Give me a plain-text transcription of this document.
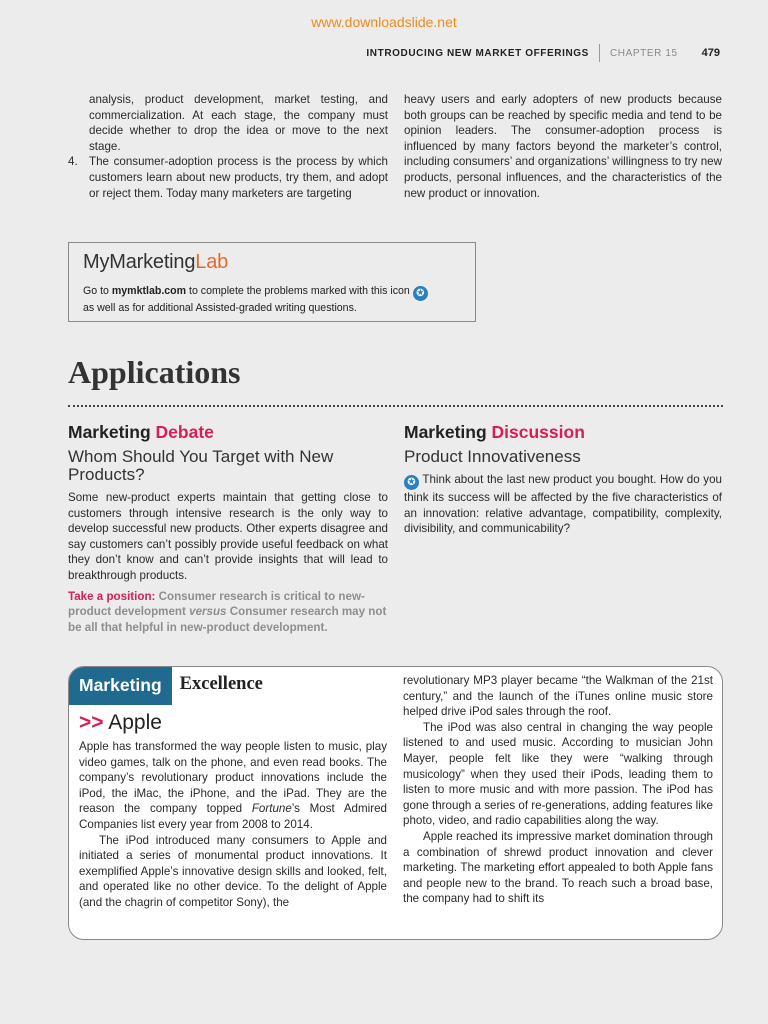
www.downloadslide.net
INTRODUCING NEW MARKET OFFERINGS	CHAPTER 15	479

analysis, product development, market testing, and commercialization. At each stage, the company must decide whether to drop the idea or move to the next stage.

4. The consumer-adoption process is the process by which customers learn about new products, try them, and adopt or reject them. Today many marketers are targeting
heavy users and early adopters of new products because both groups can be reached by specific media and tend to be opinion leaders. The consumer-adoption process is influenced by many factors beyond the marketer’s control, including consumers’ and organizations’ willingness to try new products, personal influences, and the characteristics of the new product or innovation.
MyMarketingLab
Go to mymktlab.com to complete the problems marked with this icon ✪
as well as for additional Assisted-graded writing questions.
Applications
Marketing Debate
Whom Should You Target with New Products?

Some new-product experts maintain that getting close to customers through intensive research is the only way to develop successful new products. Other experts disagree and say customers can’t possibly provide useful feedback on what they don’t know and can’t provide insights that will lead to breakthrough products.

Take a position: Consumer research is critical to new-product development versus Consumer research may not be all that helpful in new-product development.

Marketing Discussion
Product Innovativeness

✪ Think about the last new product you bought. How do you think its success will be affected by the five characteristics of an innovation: relative advantage, compatibility, complexity, divisibility, and communicability?

Marketing Excellence
>> Apple

Apple has transformed the way people listen to music, play video games, talk on the phone, and even read books. The company’s revolutionary product innovations include the iPod, the iMac, the iPhone, and the iPad. They are the reason the company topped Fortune’s Most Admired Companies list every year from 2008 to 2014.

The iPod introduced many consumers to Apple and initiated a series of monumental product innovations. It exemplified Apple’s innovative design skills and looked, felt, and operated like no other device. To the delight of Apple (and the chagrin of competitor Sony), the

revolutionary MP3 player became “the Walkman of the 21st century,” and the launch of the iTunes online music store helped drive iPod sales through the roof.

The iPod was also central in changing the way people listened to and used music. According to musician John Mayer, people felt like they were “walking through musicology” when they used their iPods, leading them to listen to more music and with more passion. The iPod has gone through a series of re-generations, adding features like photo, video, and radio capabilities along the way.

Apple reached its impressive market domination through a combination of shrewd product innovation and clever marketing. The marketing effort appealed to both Apple fans and people new to the brand. To reach such a broad base, the company had to shift its
